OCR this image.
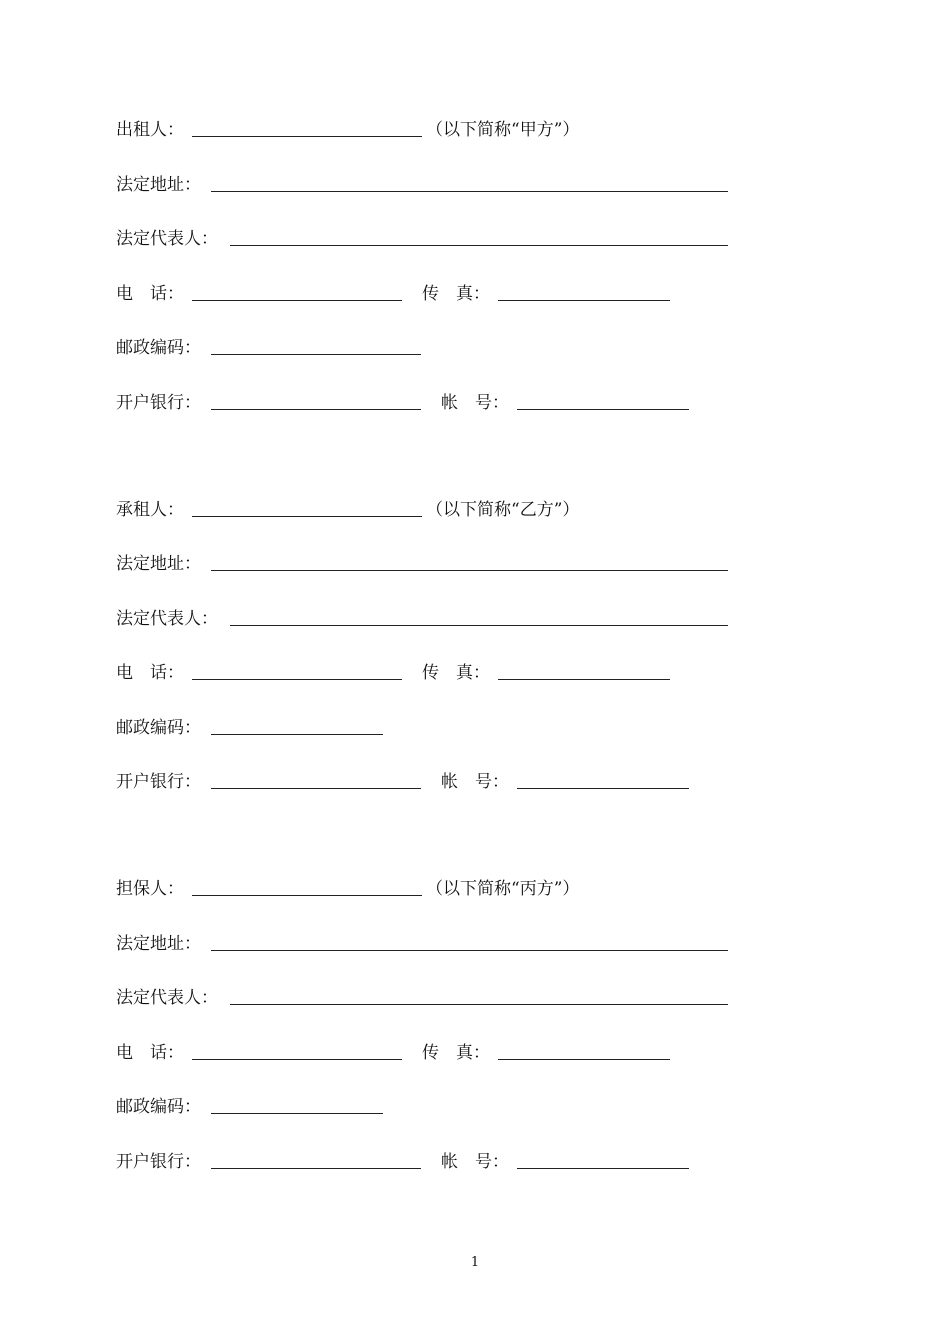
出租人：	（以下简称“甲方”）
法定地址：
法定代表人：
电　话：	传　真：
邮政编码：
开户银行：	帐　号：
承租人：	（以下简称“乙方”）
法定地址：
法定代表人：
电　话：	传　真：
邮政编码：
开户银行：	帐　号：
担保人：	（以下简称“丙方”）
法定地址：
法定代表人：
电　话：	传　真：
邮政编码：
开户银行：	帐　号：
1
